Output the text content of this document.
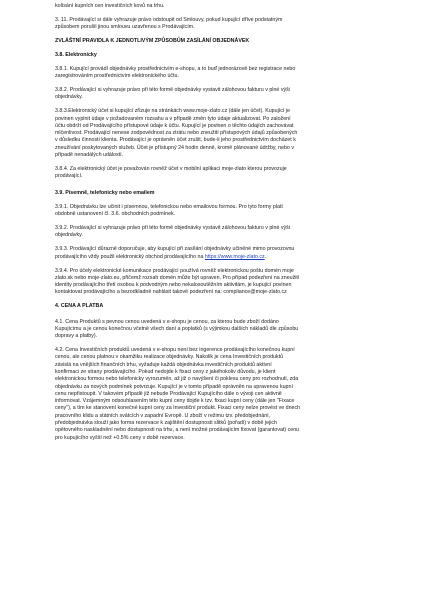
kolísání kupních cen investičních kovů na trhu.
3. 11. Prodávající si dále vyhrazuje právo odstoupit od Smlouvy, pokud kupující dříve podstatným
způsobem porušil jinou smlouvu uzavřenou s Prodávajícím.
ZVLÁŠTNÍ PRAVIDLA K JEDNOTLIVÝM ZPŮSOBŮM ZASÍLÁNÍ OBJEDNÁVEK
3.8. Elektronicky
3.8.1. Kupující provádí objednávky prostřednictvím e-shopu, a to buď jednorázově bez registrace nebo
zaregistrováním prostřednictvím elektronického účtu.
3.8.2. Prodávající si vyhrazuje právo při této formě objednávky vystavit zálohovou fakturu v plné výši
objednávky.
3.8.3.Elektronický účet si kupující zřizuje na stránkách www.moje-zlato.cz (dále jen účet). Kupující je
povinen vyplnit údaje v požadovaném rozsahu a v případě změn tyto údaje aktualizovat. Po založení
účtu obdrží od Prodávajícího přístupové údaje k účtu. Kupující je povinen o těchto údajích zachovávat
mlčenlivost. Prodávající nenese zodpovědnost za ztrátu nebo zneužití přístupových údajů způsobených
v důsledku činnosti klienta. Prodávající je oprávněn účet zrušit, bude-li jeho prostřednictvím docházet k
zneužívání poskytovaných služeb. Účet je přístupný 24 hodin denně, kromě plánované údržby, nebo v
případě nenadálých událostí.
3.8.4. Za elektronický účet je považován rovněž účet v mobilní aplikaci moje-zlato kterou provozuje
prodávající.
3.9. Písemně, telefonicky nebo emailem
3.9.1. Objednávku lze učinit i písemnou, telefonickou nebo emailovou formou. Pro tyto formy platí
obdobně ustanovení čl. 3.6. obchodních podmínek.
3.9.2. Prodávající si vyhrazuje právo při této formě objednávky vystavit zálohovou fakturu v plné výši
objednávky.
3.9.3. Prodávající důrazně doporučuje, aby kupující při zasílání objednávky učiněné mimo provozovnu
prodávajícího vždy použil elektronický obchod prodávajícího na https://www.moje-zlato.cz.
3.9.4. Pro účely elektronické komunikace prodávající používá rovněž elektronickou poštu domén moje
zlato.sk nebo moje-zlato.eu, přičemž rozsah domén může být upraven. Pro případ podezření na zneužití
identity prodávajícího třetí osobou k podvodným nebo nekalosoutěžním aktivitám, je kupující povinen
kontaktovat prodávajícího a bezodkladně nahlásit takové podezření na: compliance@moje-zlato.cz
4. CENA A PLATBA
4.1. Cena Produktů s pevnou cenou uvedená v e-shopu je cenou, za kterou bude zboží dodáno
Kupujícímu a je cenou konečnou včetně všech daní a poplatků (s výjimkou dalších nákladů dle způsobu
dopravy a platby).
4.2. Cena Investičních produktů uvedená v e-shopu není bez ingerence prodávajícího konečnou kupní
cenou, ale cenou platnou v okamžiku realizace objednávky. Nakolik je cena Investičních produktů
závislá na vnějších finančních trhu, vyžaduje každá objednávka investičních produktů aktivní
konfirmaci ze strany prodávajícího. Pokud nedojde k fixaci ceny z jakéhokoliv důvodu, je klient
elektronickou formou nebo telefonicky vyrozuměn, až již o navýšení či poklesu ceny pro rozhodnutí, zda
objednávku za nových podmínek potvrzuje. Kupující je v tomto případě oprávněn na upravenou kupní
cenu nepřistoupit. V takovém případě již nebude Prodávající Kupujícího dále o vývoji cen aktivně
informovat. Vzájemným odsouhlasením této kupní ceny dojde k tzv. fixaci kupní ceny (dále jen "Fixace
ceny"), a tím ke stanovení konečné kupní ceny za Investiční produkt. Fixaci ceny nelze provést ve dnech
pracovního klidu a státních svátcích v zapadní Evropě. U zboží v režimu tzv. předobjednání,
předobjednávka slouží jako forma rezervace k zajištění dostupnosti slitků (pořadí) v době jejich
opětovného naskladnění nebo dostupnosti na trhu, a není možné prodávajícím fixovat (garantovat) cenu
pro kupujícího vyšší než +0.5% ceny v době rezervace.
